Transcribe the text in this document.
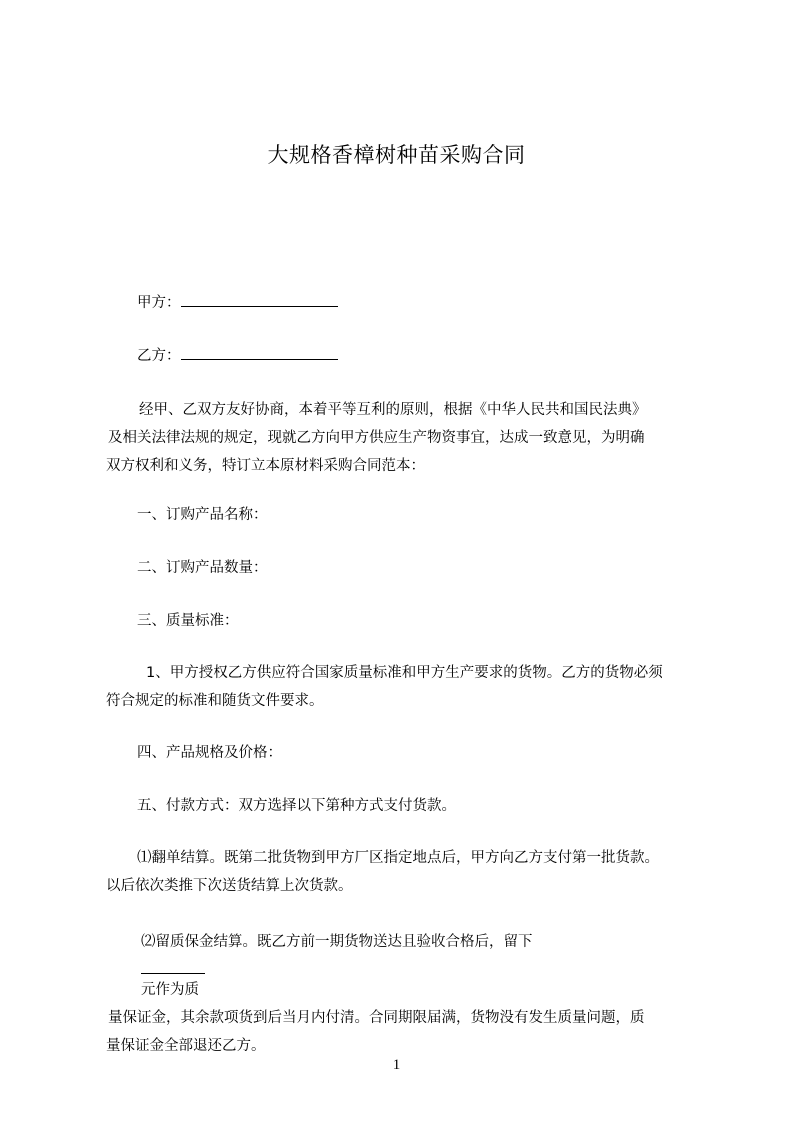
大规格香樟树种苗采购合同
甲方：
乙方：
经甲、乙双方友好协商，本着平等互利的原则，根据《中华人民共和国民法典》
及相关法律法规的规定，现就乙方向甲方供应生产物资事宜，达成一致意见，为明确
双方权利和义务，特订立本原材料采购合同范本：
一、订购产品名称：
二、订购产品数量：
三、质量标准：
1、甲方授权乙方供应符合国家质量标准和甲方生产要求的货物。乙方的货物必须
符合规定的标准和随货文件要求。
四、产品规格及价格：
五、付款方式：双方选择以下第种方式支付货款。
⑴翻单结算。既第二批货物到甲方厂区指定地点后，甲方向乙方支付第一批货款。
以后依次类推下次送货结算上次货款。
⑵留质保金结算。既乙方前一期货物送达且验收合格后，留下
元作为质
量保证金，其余款项货到后当月内付清。合同期限届满，货物没有发生质量问题，质
量保证金全部退还乙方。
1
